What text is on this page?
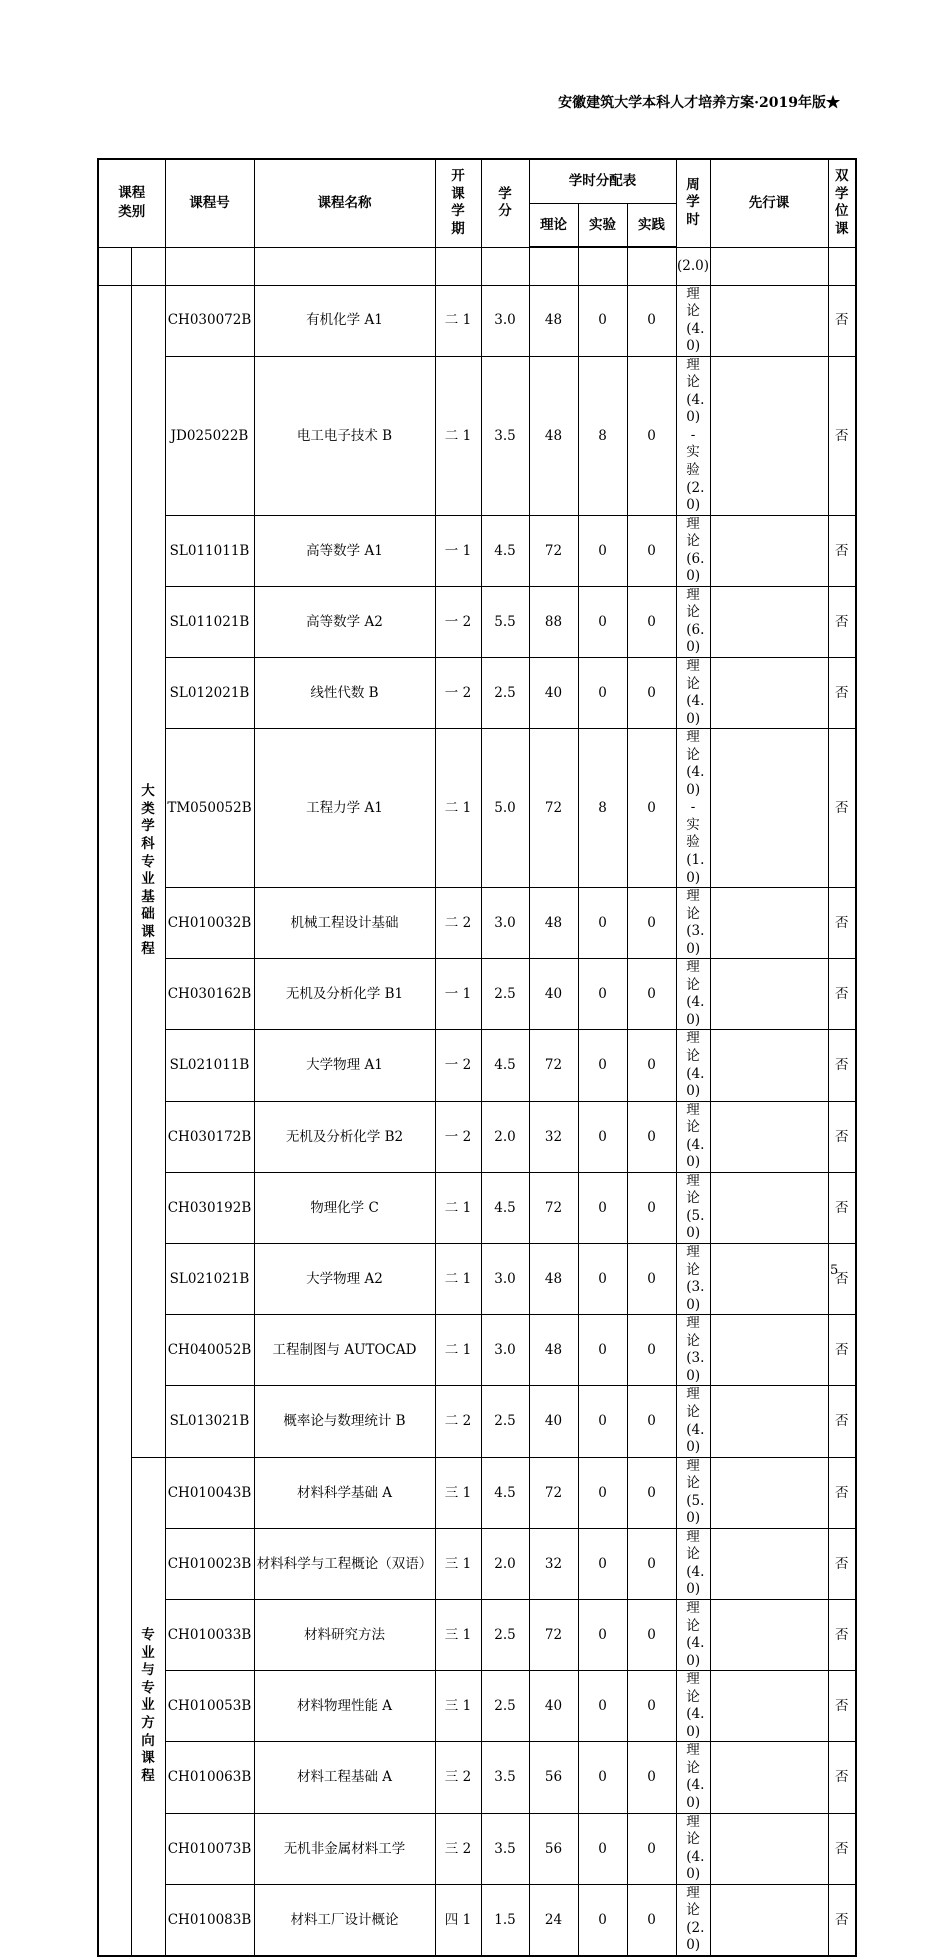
安徽建筑大学本科人才培养方案·2019年版★
课程类别		课程号	课程名称	开课学期	学分	学时分配表			周学时	先行课	双学位课
						理论	实验	实践			
									(2.0)		
	大类学科专业基础课程	CH030072B	有机化学 A1	二 1	3.0	48	0	0	理论(4.0)		否
		JD025022B	电工电子技术 B	二 1	3.5	48	8	0	理论(4.0)-实验(2.0)		否
		SL011011B	高等数学 A1	一 1	4.5	72	0	0	理论(6.0)		否
		SL011021B	高等数学 A2	一 2	5.5	88	0	0	理论(6.0)		否
		SL012021B	线性代数 B	一 2	2.5	40	0	0	理论(4.0)		否
		TM050052B	工程力学 A1	二 1	5.0	72	8	0	理论(4.0)-实验(1.0)		否
		CH010032B	机械工程设计基础	二 2	3.0	48	0	0	理论(3.0)		否
		CH030162B	无机及分析化学 B1	一 1	2.5	40	0	0	理论(4.0)		否
		SL021011B	大学物理 A1	一 2	4.5	72	0	0	理论(4.0)		否
		CH030172B	无机及分析化学 B2	一 2	2.0	32	0	0	理论(4.0)		否
		CH030192B	物理化学 C	二 1	4.5	72	0	0	理论(5.0)		否
		SL021021B	大学物理 A2	二 1	3.0	48	0	0	理论(3.0)		否
		CH040052B	工程制图与 AUTOCAD	二 1	3.0	48	0	0	理论(3.0)		否
		SL013021B	概率论与数理统计 B	二 2	2.5	40	0	0	理论(4.0)		否
	专业与专业方向课程	CH010043B	材料科学基础 A	三 1	4.5	72	0	0	理论(5.0)		否
		CH010023B	材料科学与工程概论（双语）	三 1	2.0	32	0	0	理论(4.0)		否
		CH010033B	材料研究方法	三 1	2.5	72	0	0	理论(4.0)		否
		CH010053B	材料物理性能 A	三 1	2.5	40	0	0	理论(4.0)		否
		CH010063B	材料工程基础 A	三 2	3.5	56	0	0	理论(4.0)		否
		CH010073B	无机非金属材料工学	三 2	3.5	56	0	0	理论(4.0)		否
		CH010083B	材料工厂设计概论	四 1	1.5	24	0	0	理论(2.0)		否
5
